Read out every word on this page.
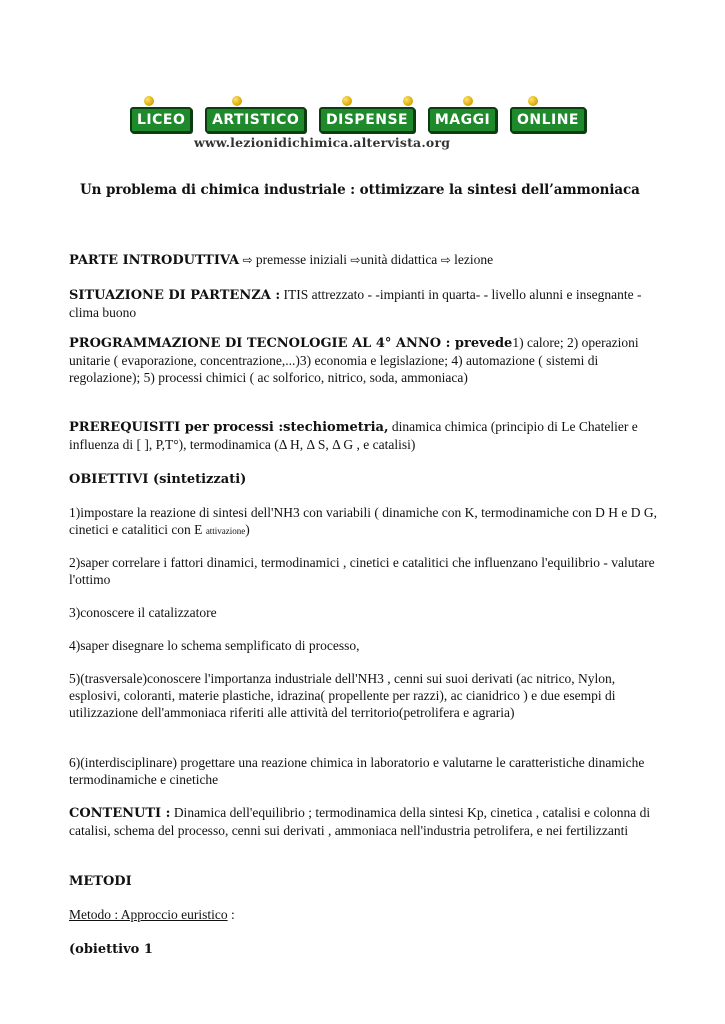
LICEO	ARTISTICO	DISPENSE	MAGGI	ONLINE
www.lezionidichimica.altervista.org
Un problema di chimica industriale : ottimizzare la sintesi dell’ammoniaca
PARTE INTRODUTTIVA ⇨ premesse iniziali ⇨unità didattica ⇨ lezione
SITUAZIONE DI PARTENZA : ITIS attrezzato - -impianti in quarta- - livello alunni e insegnante - clima buono
PROGRAMMAZIONE DI TECNOLOGIE AL 4° ANNO : prevede1) calore; 2) operazioni unitarie ( evaporazione, concentrazione,...)3) economia e legislazione; 4) automazione ( sistemi di regolazione); 5) processi chimici ( ac solforico, nitrico, soda, ammoniaca)
PREREQUISITI per processi :stechiometria, dinamica chimica (principio di Le Chatelier e influenza di [ ], P,T°), termodinamica (Δ H, Δ S, Δ G , e catalisi)
OBIETTIVI (sintetizzati)
1)impostare la reazione di sintesi dell'NH3 con variabili ( dinamiche con K, termodinamiche con D H e D G, cinetici e catalitici con E attivazione)
2)saper correlare i fattori dinamici, termodinamici , cinetici e catalitici che influenzano l'equilibrio - valutare l'ottimo
3)conoscere il catalizzatore
4)saper disegnare lo schema semplificato di processo,
5)(trasversale)conoscere l'importanza industriale dell'NH3 , cenni sui suoi derivati (ac nitrico, Nylon, esplosivi, coloranti, materie plastiche, idrazina( propellente per razzi), ac cianidrico ) e due esempi di utilizzazione dell'ammoniaca riferiti alle attività del territorio(petrolifera e agraria)
6)(interdisciplinare) progettare una reazione chimica in laboratorio e valutarne le caratteristiche dinamiche termodinamiche e cinetiche
CONTENUTI : Dinamica dell'equilibrio ; termodinamica della sintesi Kp, cinetica , catalisi e colonna di catalisi, schema del processo, cenni sui derivati , ammoniaca nell'industria petrolifera, e nei fertilizzanti
METODI
Metodo : Approccio euristico :
(obiettivo 1
